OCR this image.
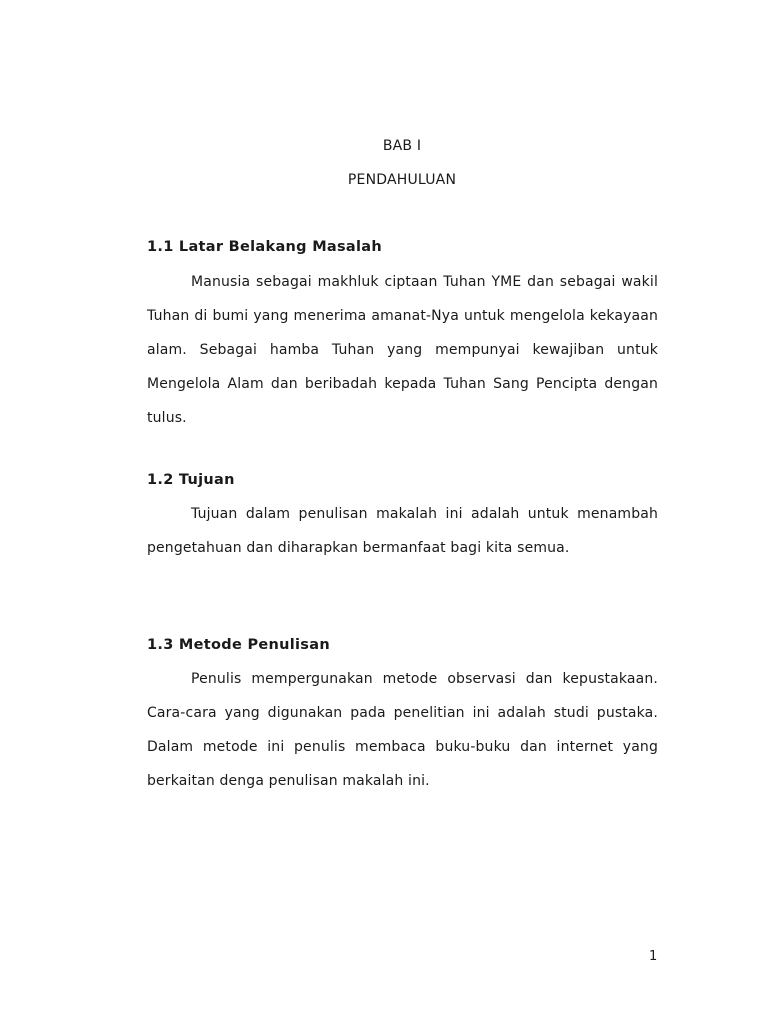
BAB I
PENDAHULUAN
1.1 Latar Belakang Masalah
Manusia sebagai makhluk ciptaan Tuhan YME dan sebagai wakil Tuhan di bumi yang menerima amanat-Nya untuk mengelola kekayaan alam. Sebagai hamba Tuhan yang mempunyai kewajiban untuk Mengelola Alam dan beribadah kepada Tuhan Sang Pencipta dengan tulus.
1.2 Tujuan
Tujuan dalam penulisan makalah ini adalah untuk menambah pengetahuan dan diharapkan bermanfaat bagi kita semua.
1.3 Metode Penulisan
Penulis mempergunakan metode observasi dan kepustakaan. Cara-cara yang digunakan pada penelitian ini adalah studi pustaka. Dalam metode ini penulis membaca buku-buku dan internet yang berkaitan denga penulisan makalah ini.
1
